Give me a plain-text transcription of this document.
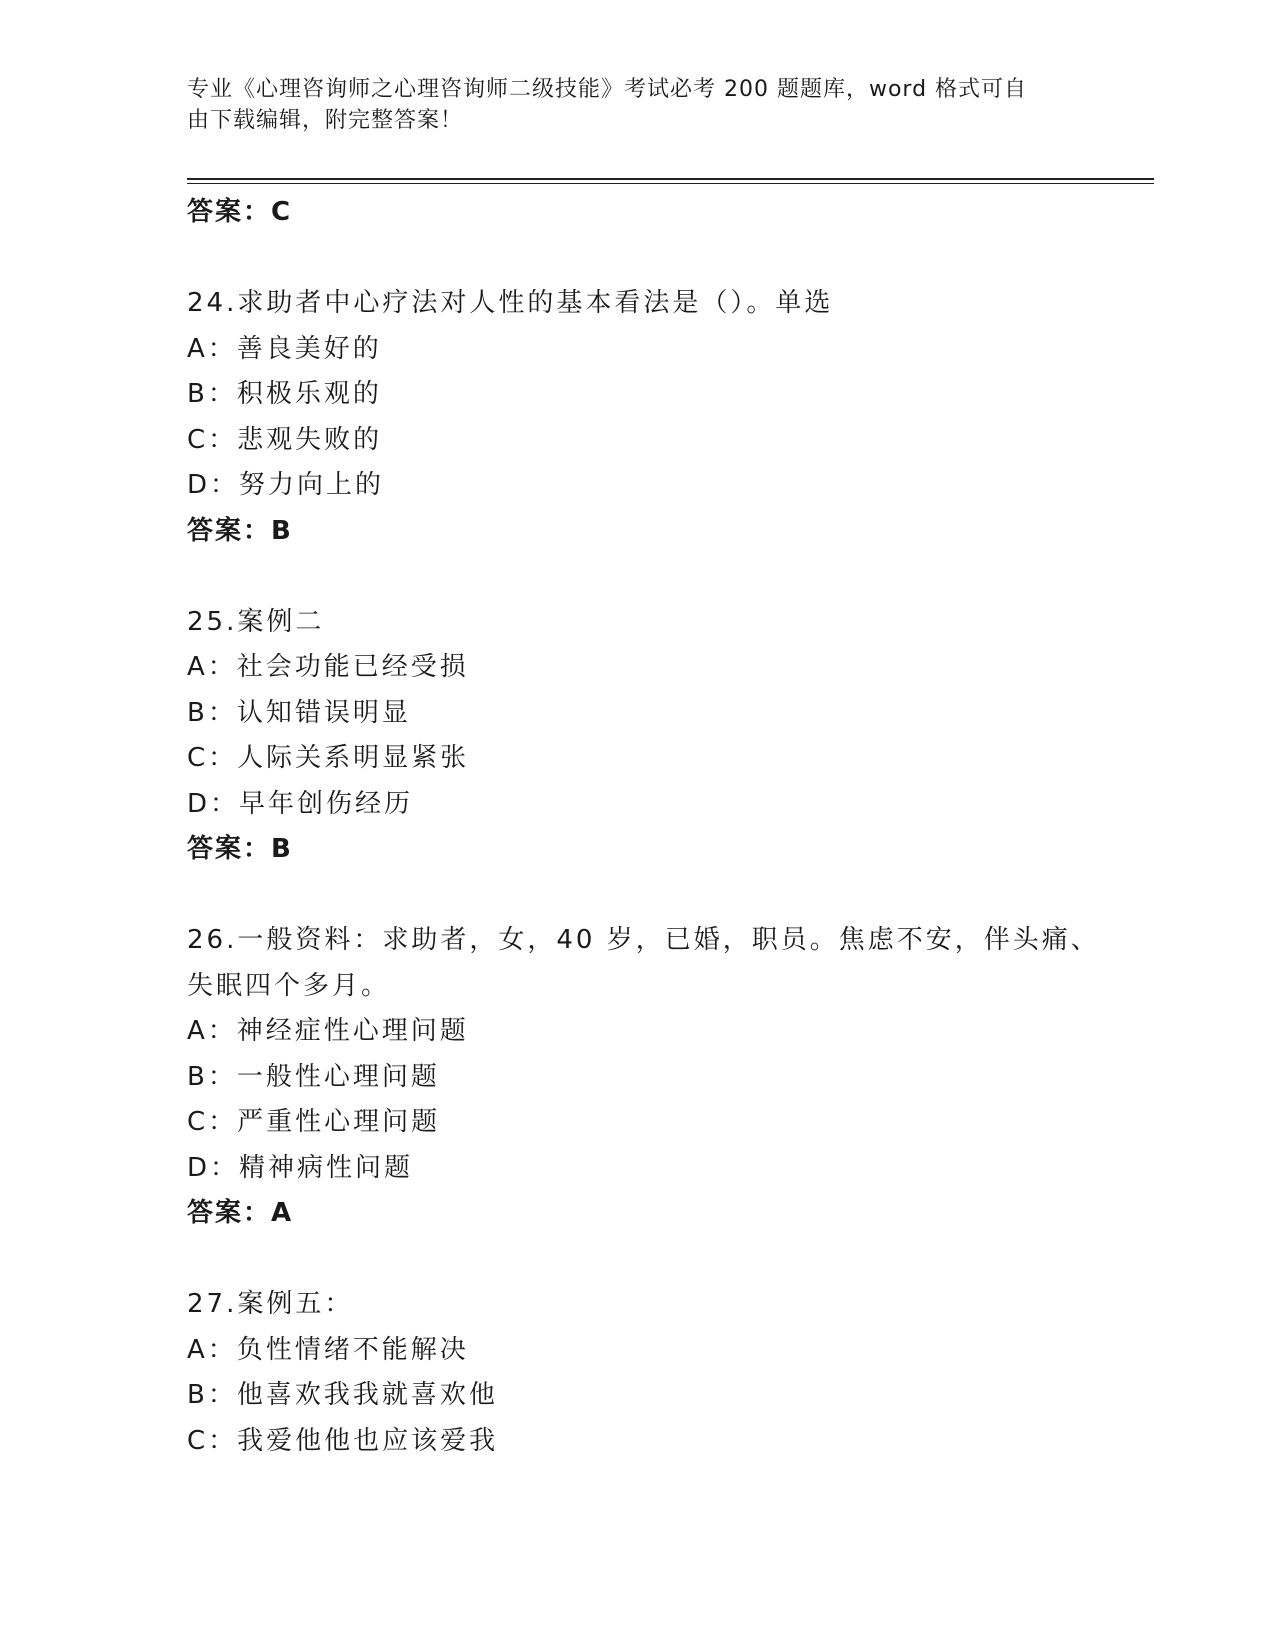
专业《心理咨询师之心理咨询师二级技能》考试必考 200 题题库，word 格式可自
由下载编辑，附完整答案！
答案：C
24.求助者中心疗法对人性的基本看法是（）。单选
A：善良美好的
B：积极乐观的
C：悲观失败的
D：努力向上的
答案：B
25.案例二
A：社会功能已经受损
B：认知错误明显
C：人际关系明显紧张
D：早年创伤经历
答案：B
26.一般资料：求助者，女，40 岁，已婚，职员。焦虑不安，伴头痛、
失眠四个多月。
A：神经症性心理问题
B：一般性心理问题
C：严重性心理问题
D：精神病性问题
答案：A
27.案例五：
A：负性情绪不能解决
B：他喜欢我我就喜欢他
C：我爱他他也应该爱我
